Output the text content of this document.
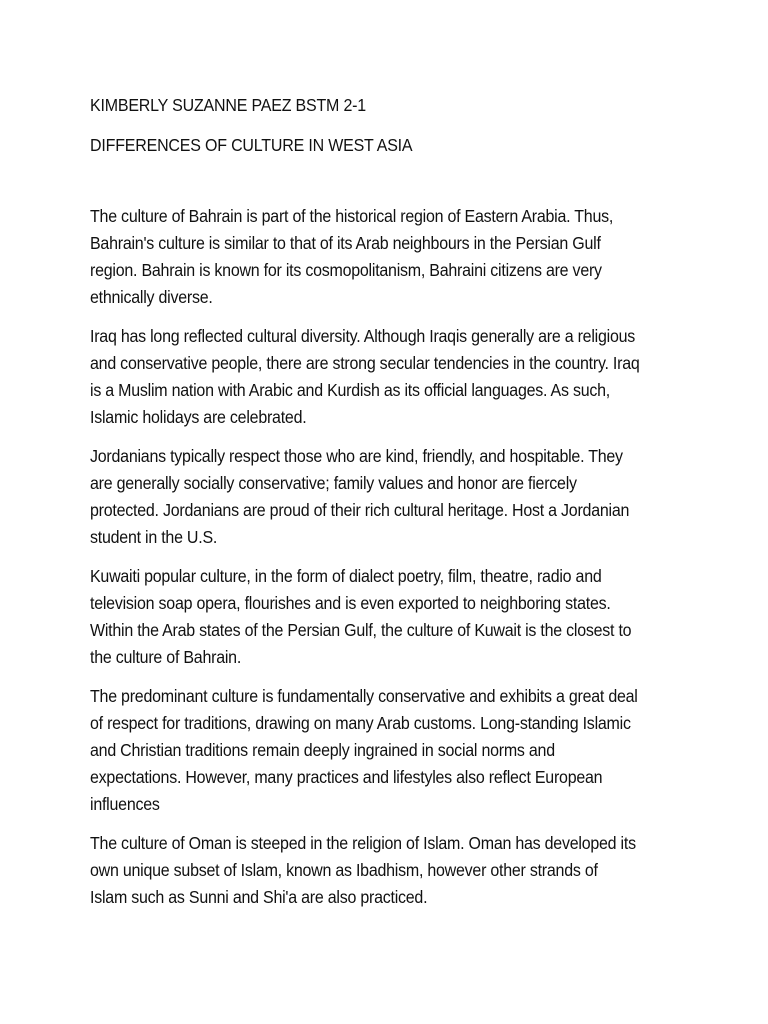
KIMBERLY SUZANNE PAEZ BSTM 2-1

DIFFERENCES OF CULTURE IN WEST ASIA

The culture of Bahrain is part of the historical region of Eastern Arabia. Thus,
Bahrain's culture is similar to that of its Arab neighbours in the Persian Gulf
region. Bahrain is known for its cosmopolitanism, Bahraini citizens are very
ethnically diverse.

Iraq has long reflected cultural diversity. Although Iraqis generally are a religious
and conservative people, there are strong secular tendencies in the country. Iraq
is a Muslim nation with Arabic and Kurdish as its official languages. As such,
Islamic holidays are celebrated.

Jordanians typically respect those who are kind, friendly, and hospitable. They
are generally socially conservative; family values and honor are fiercely
protected. Jordanians are proud of their rich cultural heritage. Host a Jordanian
student in the U.S.

Kuwaiti popular culture, in the form of dialect poetry, film, theatre, radio and
television soap opera, flourishes and is even exported to neighboring states.
Within the Arab states of the Persian Gulf, the culture of Kuwait is the closest to
the culture of Bahrain.

The predominant culture is fundamentally conservative and exhibits a great deal
of respect for traditions, drawing on many Arab customs. Long-standing Islamic
and Christian traditions remain deeply ingrained in social norms and
expectations. However, many practices and lifestyles also reflect European
influences

The culture of Oman is steeped in the religion of Islam. Oman has developed its
own unique subset of Islam, known as Ibadhism, however other strands of
Islam such as Sunni and Shi'a are also practiced.
